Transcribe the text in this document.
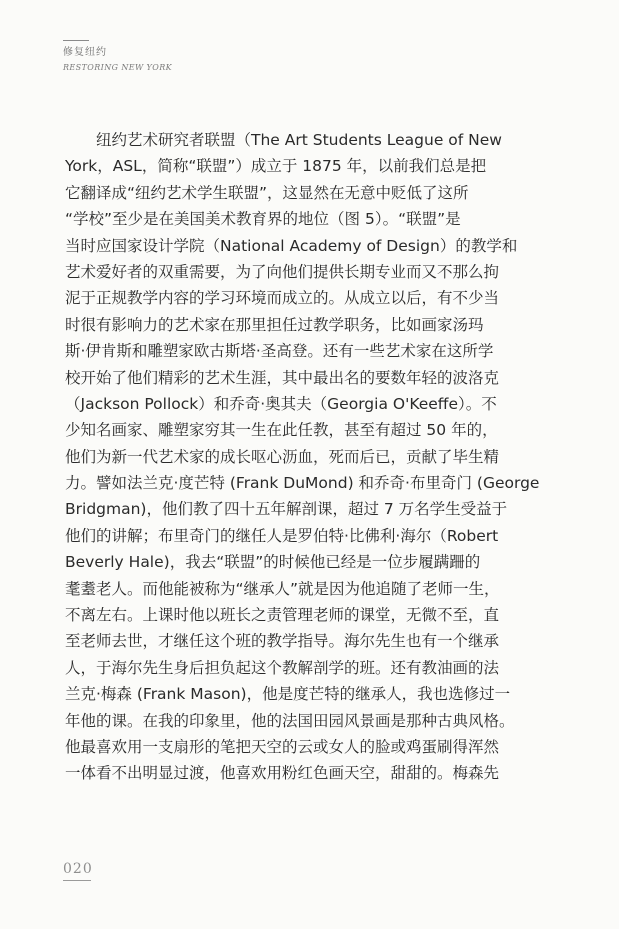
修复纽约
RESTORING NEW YORK
　　纽约艺术研究者联盟（The Art Students League of New
York，ASL，简称“联盟”）成立于 1875 年，以前我们总是把
它翻译成“纽约艺术学生联盟”，这显然在无意中贬低了这所
“学校”至少是在美国美术教育界的地位（图 5）。“联盟”是
当时应国家设计学院（National Academy of Design）的教学和
艺术爱好者的双重需要，为了向他们提供长期专业而又不那么拘
泥于正规教学内容的学习环境而成立的。从成立以后，有不少当
时很有影响力的艺术家在那里担任过教学职务，比如画家汤玛
斯·伊肯斯和雕塑家欧古斯塔·圣高登。还有一些艺术家在这所学
校开始了他们精彩的艺术生涯，其中最出名的要数年轻的波洛克
（Jackson Pollock）和乔奇·奥其夫（Georgia O'Keeffe）。不
少知名画家、雕塑家穷其一生在此任教，甚至有超过 50 年的，
他们为新一代艺术家的成长呕心沥血，死而后已，贡献了毕生精
力。譬如法兰克·度芒特 (Frank DuMond) 和乔奇·布里奇门 (George
Bridgman)，他们教了四十五年解剖课，超过 7 万名学生受益于
他们的讲解；布里奇门的继任人是罗伯特·比佛利·海尔（Robert
Beverly Hale)，我去“联盟”的时候他已经是一位步履蹒跚的
耄耋老人。而他能被称为“继承人”就是因为他追随了老师一生，
不离左右。上课时他以班长之责管理老师的课堂，无微不至，直
至老师去世，才继任这个班的教学指导。海尔先生也有一个继承
人，于海尔先生身后担负起这个教解剖学的班。还有教油画的法
兰克·梅森 (Frank Mason)，他是度芒特的继承人，我也选修过一
年他的课。在我的印象里，他的法国田园风景画是那种古典风格。
他最喜欢用一支扇形的笔把天空的云或女人的脸或鸡蛋刷得浑然
一体看不出明显过渡，他喜欢用粉红色画天空，甜甜的。梅森先
020
